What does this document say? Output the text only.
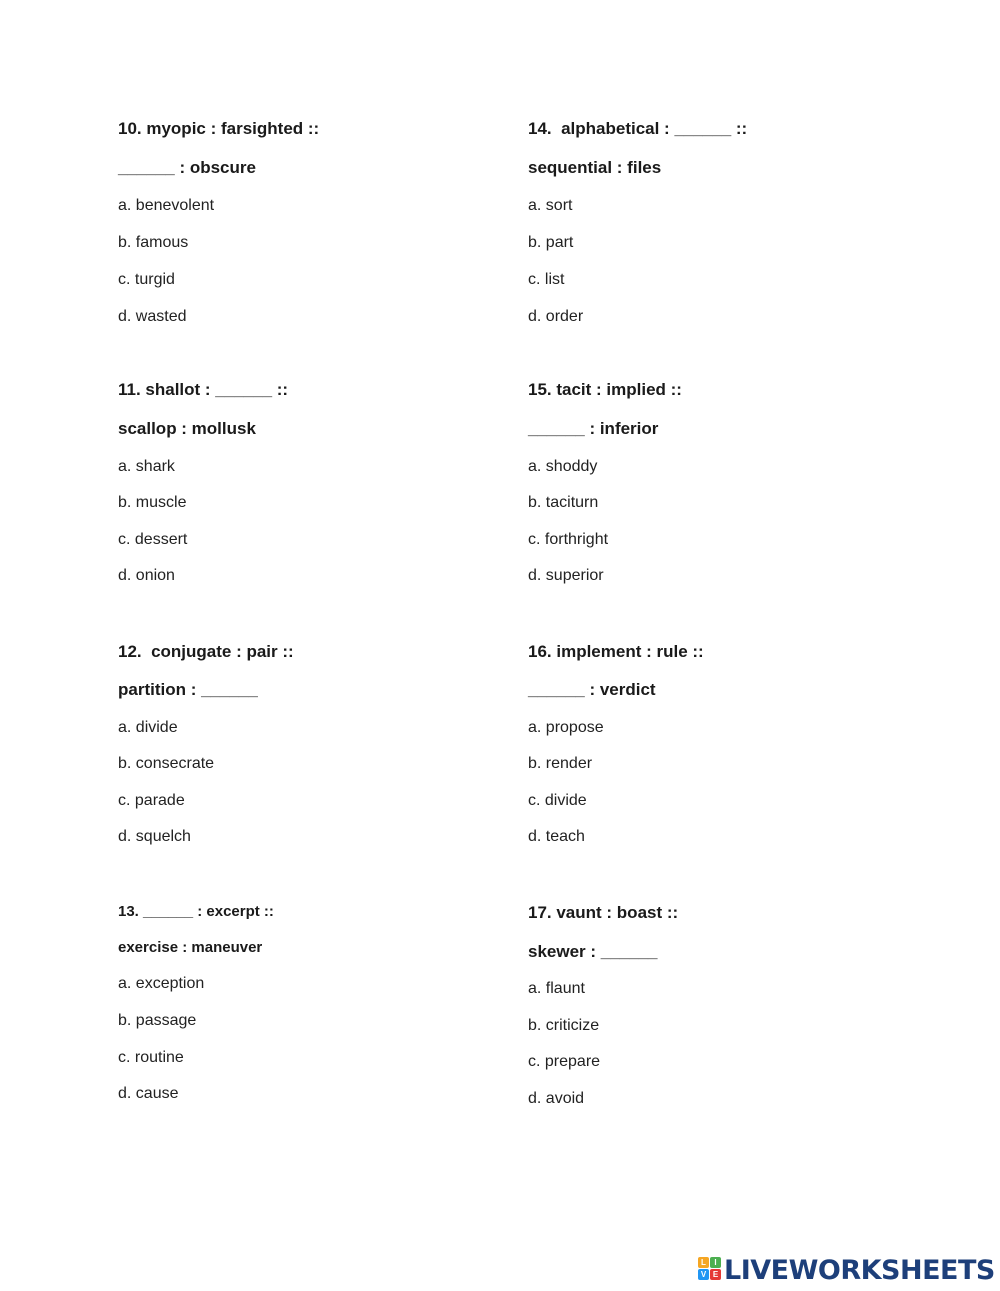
10. myopic : farsighted ::
______ : obscure
a. benevolent
b. famous
c. turgid
d. wasted
11. shallot : ______ ::
scallop : mollusk
a. shark
b. muscle
c. dessert
d. onion
12.  conjugate : pair ::
partition : ______
a. divide
b. consecrate
c. parade
d. squelch
13. ______ : excerpt ::
exercise : maneuver
a. exception
b. passage
c. routine
d. cause
14.  alphabetical : ______ ::
sequential : files
a. sort
b. part
c. list
d. order
15. tacit : implied ::
______ : inferior
a. shoddy
b. taciturn
c. forthright
d. superior
16. implement : rule ::
______ : verdict
a. propose
b. render
c. divide
d. teach
17. vaunt : boast ::
skewer : ______
a. flaunt
b. criticize
c. prepare
d. avoid
L	I
V E LIVEWORKSHEETS
